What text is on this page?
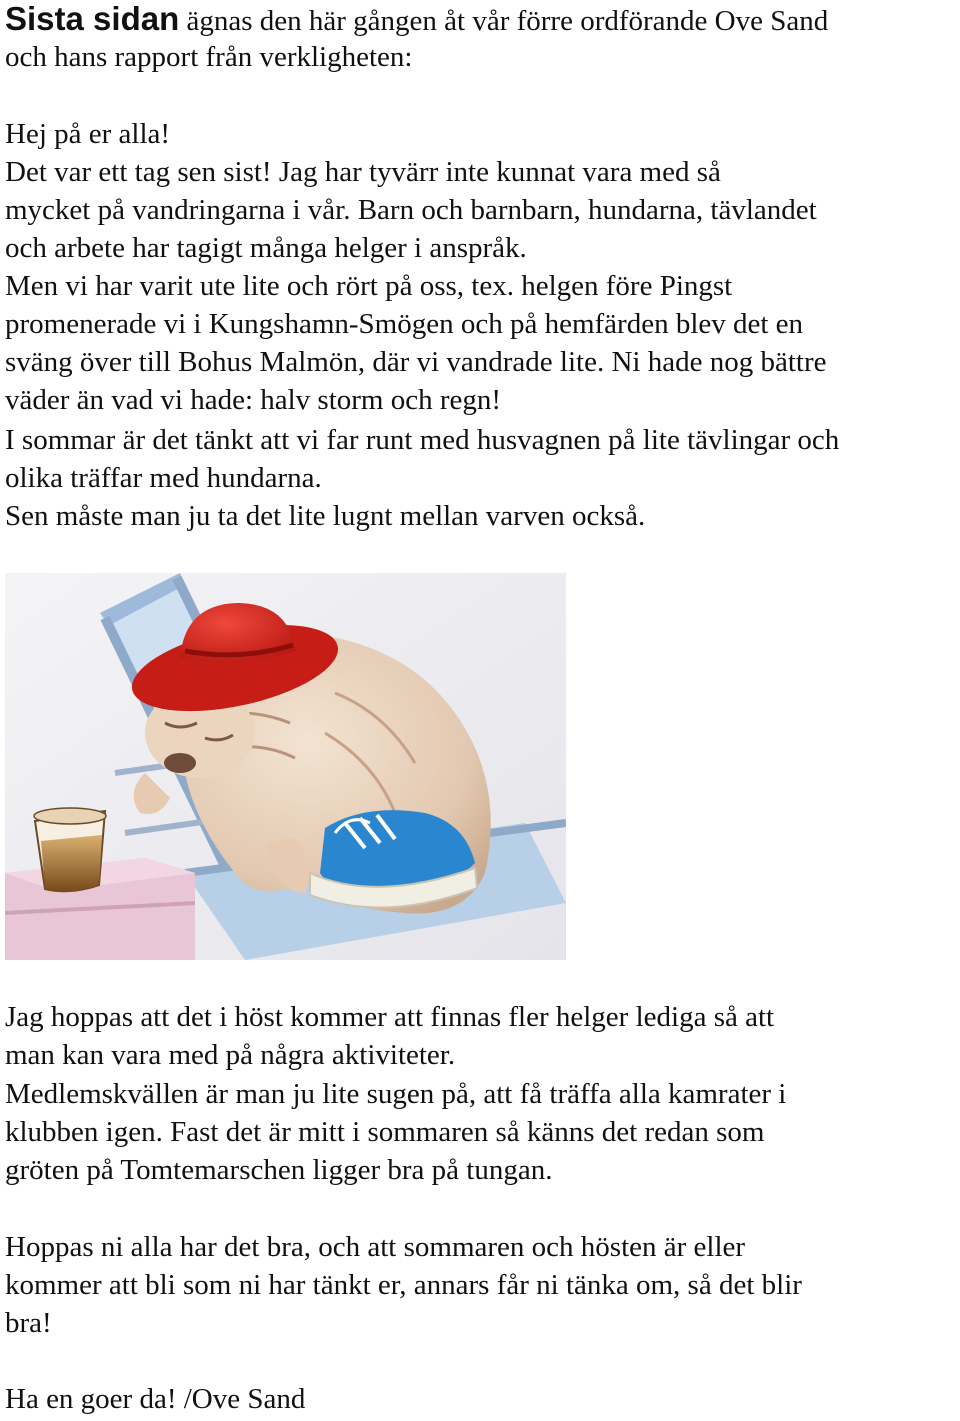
Sista sidan ägnas den här gången åt vår förre ordförande Ove Sand
och hans rapport från verkligheten:
Hej på er alla!
Det var ett tag sen sist! Jag har tyvärr inte kunnat vara med så
mycket på vandringarna i vår. Barn och barnbarn, hundarna, tävlandet
och arbete har tagigt många helger i anspråk.
Men vi har varit ute lite och rört på oss, tex. helgen före Pingst
promenerade vi i Kungshamn-Smögen och på hemfärden blev det en
sväng över till Bohus Malmön, där vi vandrade lite. Ni hade nog bättre
väder än vad vi hade: halv storm och regn!
I sommar är det tänkt att vi far runt med husvagnen på lite tävlingar och
olika träffar med hundarna.
Sen måste man ju ta det lite lugnt mellan varven också.
Jag hoppas att det i höst kommer att finnas fler helger lediga så att
man kan vara med på några aktiviteter.
Medlemskvällen är man ju lite sugen på, att få träffa alla kamrater i
klubben igen. Fast det är mitt i sommaren så känns det redan som
gröten på Tomtemarschen ligger bra på tungan.
Hoppas ni alla har det bra, och att sommaren och hösten är eller
kommer att bli som ni har tänkt er, annars får ni tänka om, så det blir
bra!
Ha en goer da! /Ove Sand
